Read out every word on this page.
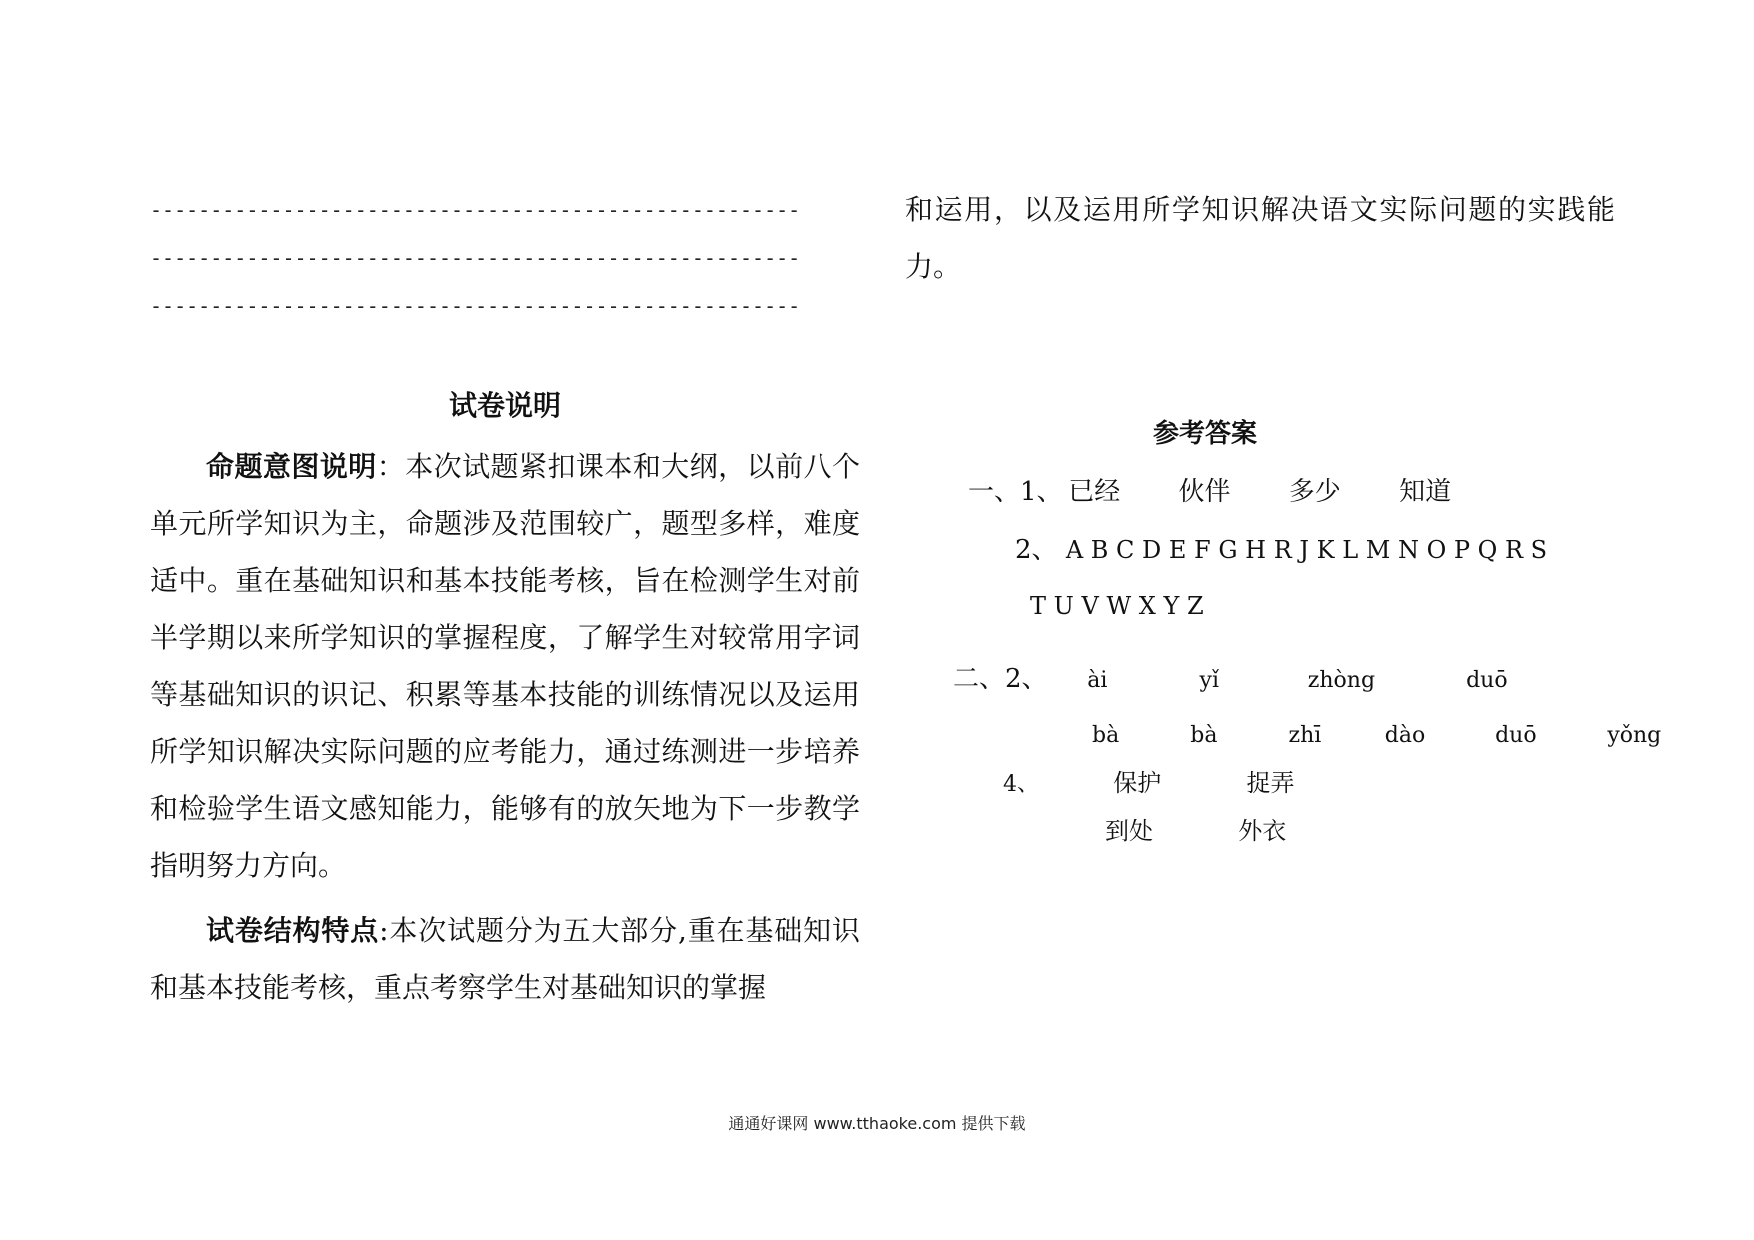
------------------------------------------------------
------------------------------------------------------
------------------------------------------------------
试卷说明

命题意图说明：本次试题紧扣课本和大纲，以前八个单元所学知识为主，命题涉及范围较广，题型多样，难度适中。重在基础知识和基本技能考核，旨在检测学生对前半学期以来所学知识的掌握程度，了解学生对较常用字词等基础知识的识记、积累等基本技能的训练情况以及运用所学知识解决实际问题的应考能力，通过练测进一步培养和检验学生语文感知能力，能够有的放矢地为下一步教学指明努力方向。

试卷结构特点:本次试题分为五大部分,重在基础知识和基本技能考核，重点考察学生对基础知识的掌握

和运用，以及运用所学知识解决语文实际问题的实践能力。

参考答案
一、1、 已经 伙伴 多少 知道
2、 A B C D E F G H R J K L M N O P Q R S
T U V W X Y Z
二、2、 ài	yǐ	zhòng	duō
bà	bà	zhī	dào	duō	yǒng
4、	保护	捉弄
到处	外衣
通通好课网 www.tthaoke.com 提供下载
